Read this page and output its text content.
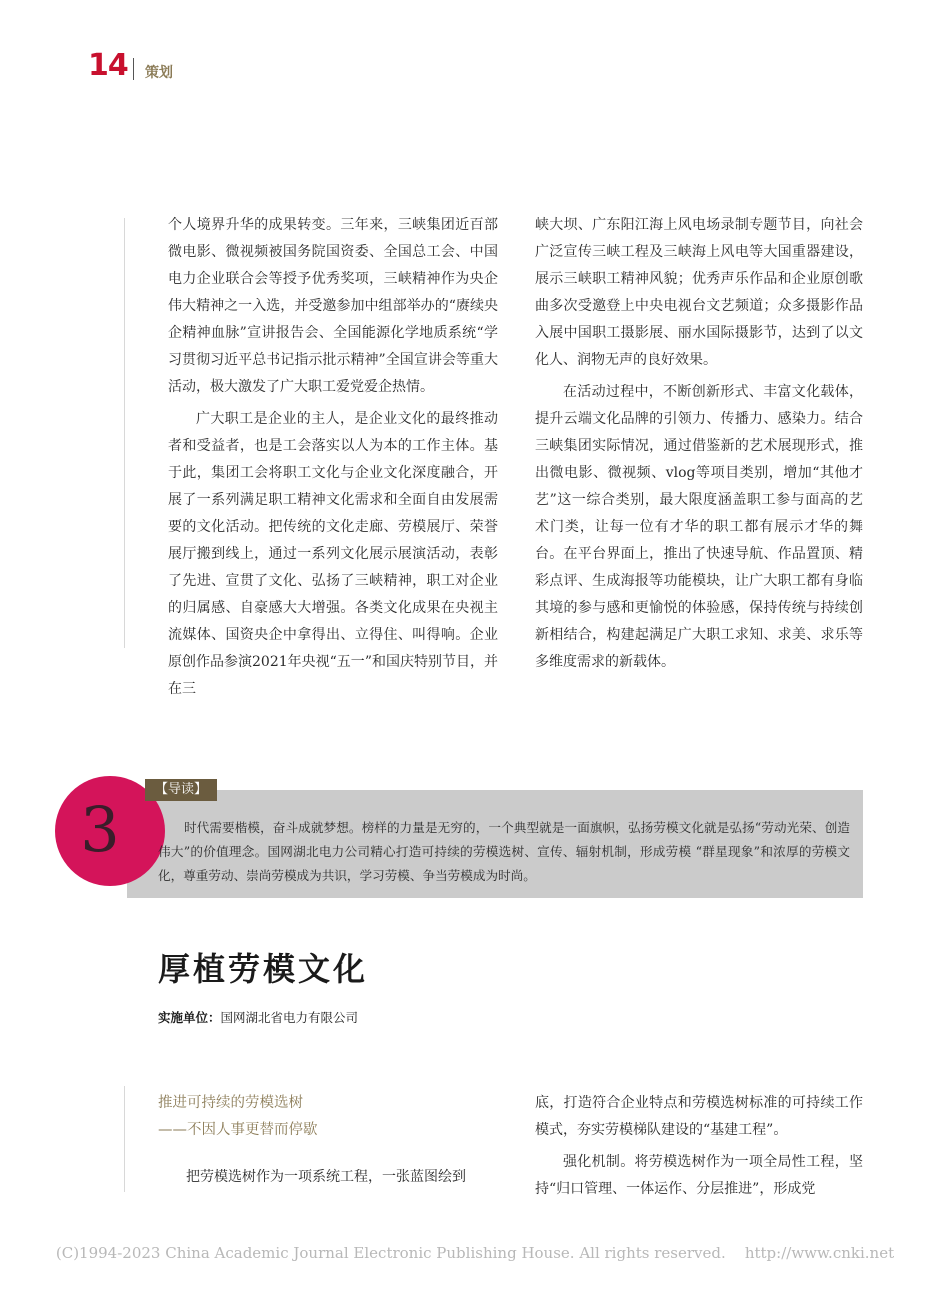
14 策划

个人境界升华的成果转变。三年来，三峡集团近百部微电影、微视频被国务院国资委、全国总工会、中国电力企业联合会等授予优秀奖项，三峡精神作为央企伟大精神之一入选，并受邀参加中组部举办的“赓续央企精神血脉”宣讲报告会、全国能源化学地质系统“学习贯彻习近平总书记指示批示精神”全国宣讲会等重大活动，极大激发了广大职工爱党爱企热情。

广大职工是企业的主人，是企业文化的最终推动者和受益者，也是工会落实以人为本的工作主体。基于此，集团工会将职工文化与企业文化深度融合，开展了一系列满足职工精神文化需求和全面自由发展需要的文化活动。把传统的文化走廊、劳模展厅、荣誉展厅搬到线上，通过一系列文化展示展演活动，表彰了先进、宣贯了文化、弘扬了三峡精神，职工对企业的归属感、自豪感大大增强。各类文化成果在央视主流媒体、国资央企中拿得出、立得住、叫得响。企业原创作品参演2021年央视“五一”和国庆特别节目，并在三

峡大坝、广东阳江海上风电场录制专题节目，向社会广泛宣传三峡工程及三峡海上风电等大国重器建设，展示三峡职工精神风貌；优秀声乐作品和企业原创歌曲多次受邀登上中央电视台文艺频道；众多摄影作品入展中国职工摄影展、丽水国际摄影节，达到了以文化人、润物无声的良好效果。

在活动过程中，不断创新形式、丰富文化载体，提升云端文化品牌的引领力、传播力、感染力。结合三峡集团实际情况，通过借鉴新的艺术展现形式，推出微电影、微视频、vlog等项目类别，增加“其他才艺”这一综合类别，最大限度涵盖职工参与面高的艺术门类，让每一位有才华的职工都有展示才华的舞台。在平台界面上，推出了快速导航、作品置顶、精彩点评、生成海报等功能模块，让广大职工都有身临其境的参与感和更愉悦的体验感，保持传统与持续创新相结合，构建起满足广大职工求知、求美、求乐等多维度需求的新载体。

3
【导读】
时代需要楷模，奋斗成就梦想。榜样的力量是无穷的，一个典型就是一面旗帜，弘扬劳模文化就是弘扬“劳动光荣、创造伟大”的价值理念。国网湖北电力公司精心打造可持续的劳模选树、宣传、辐射机制，形成劳模 “群星现象”和浓厚的劳模文化，尊重劳动、崇尚劳模成为共识，学习劳模、争当劳模成为时尚。
厚植劳模文化
实施单位：国网湖北省电力有限公司
推进可持续的劳模选树
——不因人事更替而停歇
把劳模选树作为一项系统工程，一张蓝图绘到

底，打造符合企业特点和劳模选树标准的可持续工作模式，夯实劳模梯队建设的“基建工程”。

强化机制。将劳模选树作为一项全局性工程，坚持“归口管理、一体运作、分层推进”，形成党

(C)1994-2023 China Academic Journal Electronic Publishing House. All rights reserved. http://www.cnki.net
